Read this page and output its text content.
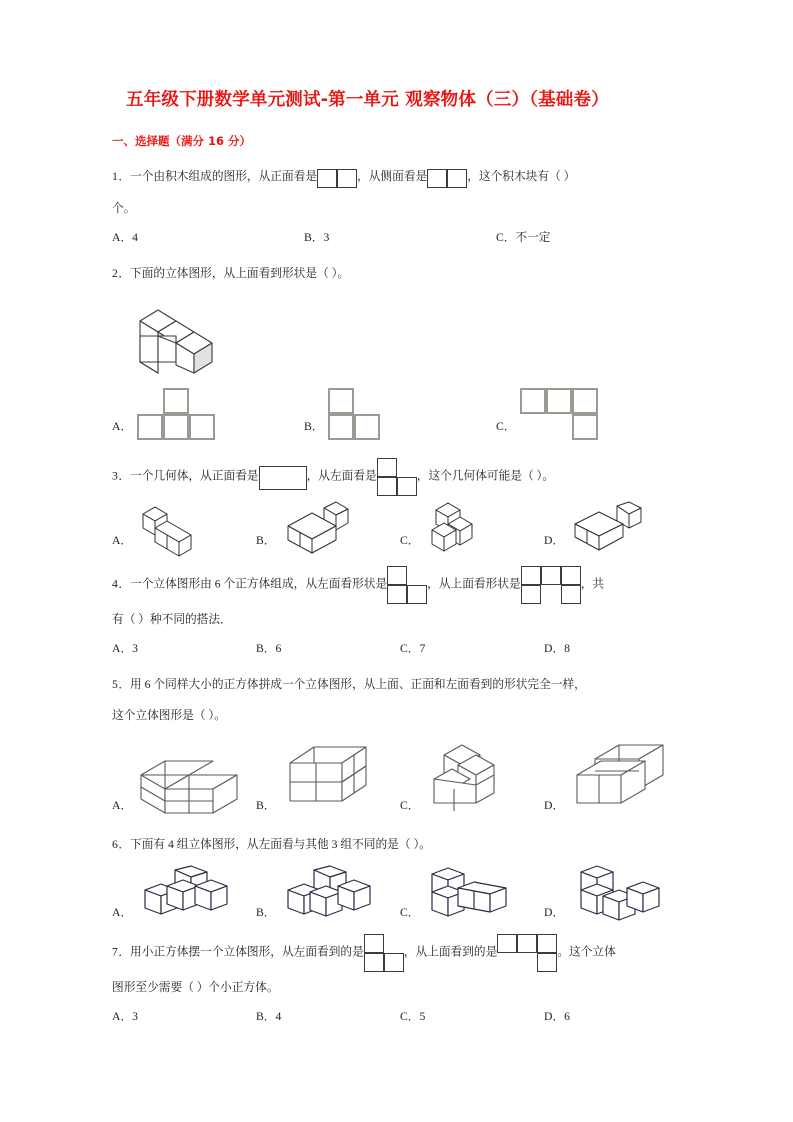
五年级下册数学单元测试-第一单元 观察物体（三）（基础卷）
一、选择题（满分 16 分）
1．一个由积木组成的图形，从正面看是	，从侧面看是	，这个积木块有（ ）
个。
A．4	B．3	C．不一定
2．下面的立体图形，从上面看到形状是（ ）。
A．	B．	C．
3．一个几何体，从正面看是	，从左面看是	，这个几何体可能是（ ）。
A．	B．	C．	D．
4．一个立体图形由 6 个正方体组成，从左面看形状是	，从上面看形状是	，共
有（ ）种不同的搭法．
A．3	B．6	C．7	D．8
5．用 6 个同样大小的正方体拼成一个立体图形，从上面、正面和左面看到的形状完全一样，
这个立体图形是（ ）。
A．	B．	C．	D．
6．下面有 4 组立体图形，从左面看与其他 3 组不同的是（ ）。
A．	B．	C．	D．
7．用小正方体摆一个立体图形，从左面看到的是	，从上面看到的是	。这个立体
图形至少需要（ ）个小正方体。
A．3	B．4	C．5	D．6
